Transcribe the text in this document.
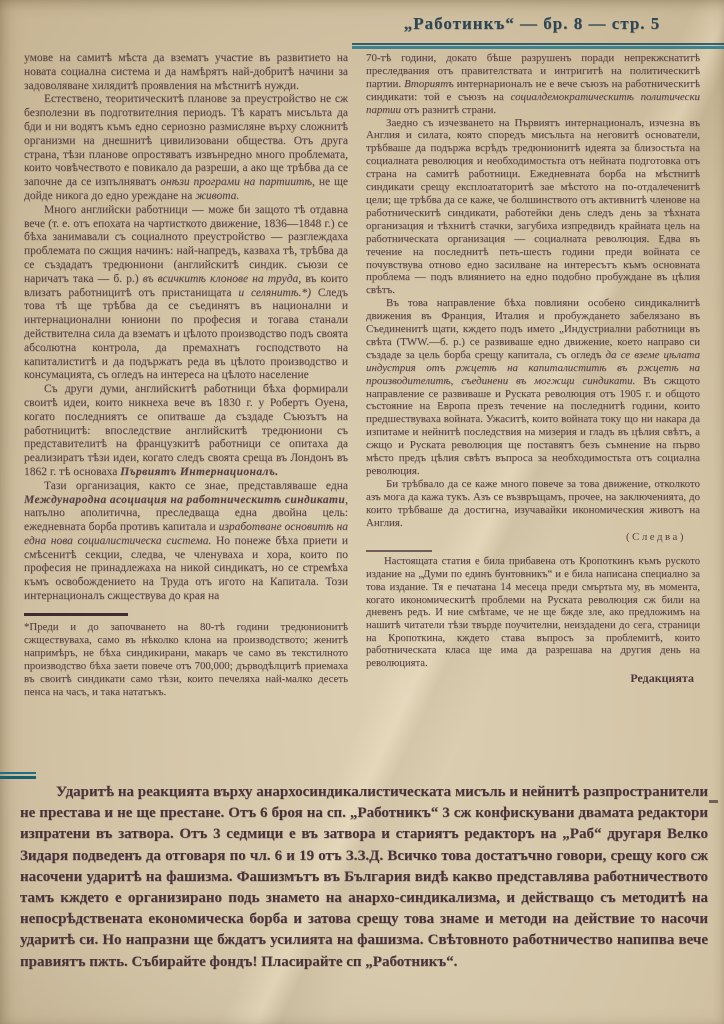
„Работинкъ“ — бр. 8 — стр. 5

умове на самитѣ мѣста да взематъ участие въ развитието на новата социална система и да намѣрятъ най-добритѣ начини за задоволяване хилядитѣ проявления на мѣстнитѣ нужди.

Естествено, теоритическитѣ планове за преустройство не сж безполезни въ подготвителния периодъ. Тѣ каратъ мисъльта да бди и ни водятъ къмъ едно сериозно размисляне върху сложнитѣ организми на днешнитѣ цивилизовани общества. Отъ друга страна, тѣзи планове опростяватъ извънредно много проблемата, които човѣчеството е повикало да разреши, а ако ще трѣбва да се започне да се изпълняватъ онѣзи програми на партиитѣ, не ще дойде никога до едно уреждане на живота.

Много английски работници — може би защото тѣ отдавна вече (т. е. отъ епохата на чартисткото движение, 1836—1848 г.) се бѣха занимавали съ социалното преустройство — разглеждаха проблемата по сжщия начинъ: най-напредъ, казваха тѣ, трѣбва да се създадатъ тредюниони (английскитѣ синдик. съюзи се наричатъ така — б. р.) въ всичкитѣ клонове на труда, въ които влизатъ работницитѣ отъ пристанищата и селянитѣ.*) Следъ това тѣ ще трѣбва да се съединятъ въ национални и интернационални юниони по професия и тогава станали действителна сила да взематъ и цѣлото производство подъ своята абсолютна контрола, да премахнатъ господството на капиталиститѣ и да подържатъ реда въ цѣлото производство и консумацията, съ огледъ на интереса на цѣлото население

Съ други думи, английскитѣ работници бѣха формирали своитѣ идеи, които никнеха вече въ 1830 г. у Робертъ Оуена, когато последниятъ се опитваше да създаде Съюзътъ на работницитѣ: впоследствие английскитѣ тредюниони съ представителитѣ на французкитѣ работници се опитаха да реализиратъ тѣзи идеи, когато следъ своята среща въ Лондонъ въ 1862 г. тѣ основаха Първиятъ Интернационалъ.

Тази организация, както се знае, представляваше една Международна асоциация на работническитѣ синдикати, напълно аполитична, преследваща една двойна цель: ежедневната борба противъ капитала и изработване основитѣ на една нова социалистическа система. Но понеже бѣха приети и смѣсенитѣ секции, следва, че членуваха и хора, които по професия не принадлежаха на никой синдикатъ, но се стремѣха къмъ освобождението на Труда отъ игото на Капитала. Този интернационалъ сжществува до края на

*Преди и до започването на 80-тѣ години тредюнионитѣ сжществуваха, само въ нѣколко клона на производството; женитѣ напримѣръ, не бѣха синдикирани, макаръ че само въ текстилното производство бѣха заети повече отъ 700,000; дърводѣлцитѣ приемаха въ своитѣ синдикати само тѣзи, които печеляха най-малко десеть пенса на часъ, и така нататъкъ.

70-тѣ години, докато бѣше разрушенъ поради непрекжснатитѣ преследвания отъ правителствата и интригитѣ на политическитѣ партии. Вториятъ интернарионалъ не е вече съюзъ на работническитѣ синдикати: той е съюзъ на социалдемократическитѣ политически партии отъ разнитѣ страни.

Заедно съ изчезването на Първиятъ интернационалъ, изчезна въ Англия и силата, която споредъ мисъльта на неговитѣ основатели, трѣбваше да подържа всрѣдъ тредюнионитѣ идеята за близостьта на социалната революция и необходимостьта отъ нейната подготовка отъ страна на самитѣ работници. Ежедневната борба на мѣстнитѣ синдикати срещу експлоататоритѣ зае мѣстото на по-отдалеченитѣ цели; ще трѣбва да се каже, че болшинството отъ активнитѣ членове на работническитѣ синдикати, работейки день следъ день за тѣхната организация и тѣхнитѣ стачки, загубиха изпредвидъ крайната цель на работническата организация — социалната революция. Едва въ течение на последнитѣ петь-шесть години преди войната се почувствува отново едно засилване на интересътъ къмъ основната проблема — подъ влиянието на едно подобно пробуждане въ цѣлия свѣтъ.

Въ това направление бѣха повлияни особено синдикалнитѣ движения въ Франция, Италия и пробуждането забелязано въ Съединенитѣ щати, кждето подъ името „Индустриални работници въ свѣта (TWW.—б. р.) се развиваше едно движение, което направо си създаде за цель борба срещу капитала, съ огледъ да се вземе цѣлата индустрия отъ ржцетѣ на капиталиститѣ въ ржцетѣ на производителитѣ, съединени въ могжщи синдикати. Въ сжщото направление се развиваше и Руската революция отъ 1905 г. и общото състояние на Европа презъ течение на последнитѣ години, които предшествуваха войната. Ужаситѣ, които войната току що ни накара да изпитаме и нейнитѣ последствия на мизерия и гладъ въ цѣлия свѣтъ, а сжщо и Руската революция ще поставятъ безъ съмнение на първо мѣсто предъ цѣлия свѣтъ въпроса за необходимостьта отъ социална революция.

Би трѣбвало да се каже много повече за това движение, отколкото азъ мога да кажа тукъ. Азъ се възвръщамъ, прочее, на заключенията, до които трѣбваше да достигна, изучавайки икономическия животъ на Англия.

(Следва)

Настоящата статия е била прибавена отъ Кропоткинъ къмъ руското издание на „Думи по единъ бунтовникъ“ и е била написана специално за това издание. Тя е печатана 14 месеца преди смъртьта му, въ момента, когато икономическитѣ проблеми на Руската революция сж били на дневенъ редъ. И ние смѣтаме, че не ще бжде зле, ако предложимъ на нашитѣ читатели тѣзи твърде поучителни, неиздадени до сега, страници на Кропоткина, кждето става въпросъ за проблемитѣ, които работническата класа ще има да разрешава на другия день на революцията.

Редакцията

Ударитѣ на реакцията върху анархосиндикалистическата мисъль и нейнитѣ разпространители не престава и не ще престане. Отъ 6 броя на сп. „Работникъ“ 3 сж конфискувани двамата редактори изпратени въ затвора. Отъ 3 седмици е въ затвора и стариятъ редакторъ на „Раб“ другаря Велко Зидаря подведенъ да отговаря по чл. 6 и 19 отъ З.З.Д. Всичко това достатъчно говори, срещу кого сж насочени ударитѣ на фашизма. Фашизмътъ въ България видѣ какво представлява работничеството тамъ кждето е организирано подь знамето на анархо-синдикализма, и действащо съ методитѣ на непосрѣдствената економическа борба и затова срещу това знаме и методи на действие то насочи ударитѣ си. Но напразни ще бждатъ усилията на фашизма. Свѣтовното работничество напипва вече правиятъ пжть. Събирайте фондъ! Пласирайте сп „Работникъ“.
